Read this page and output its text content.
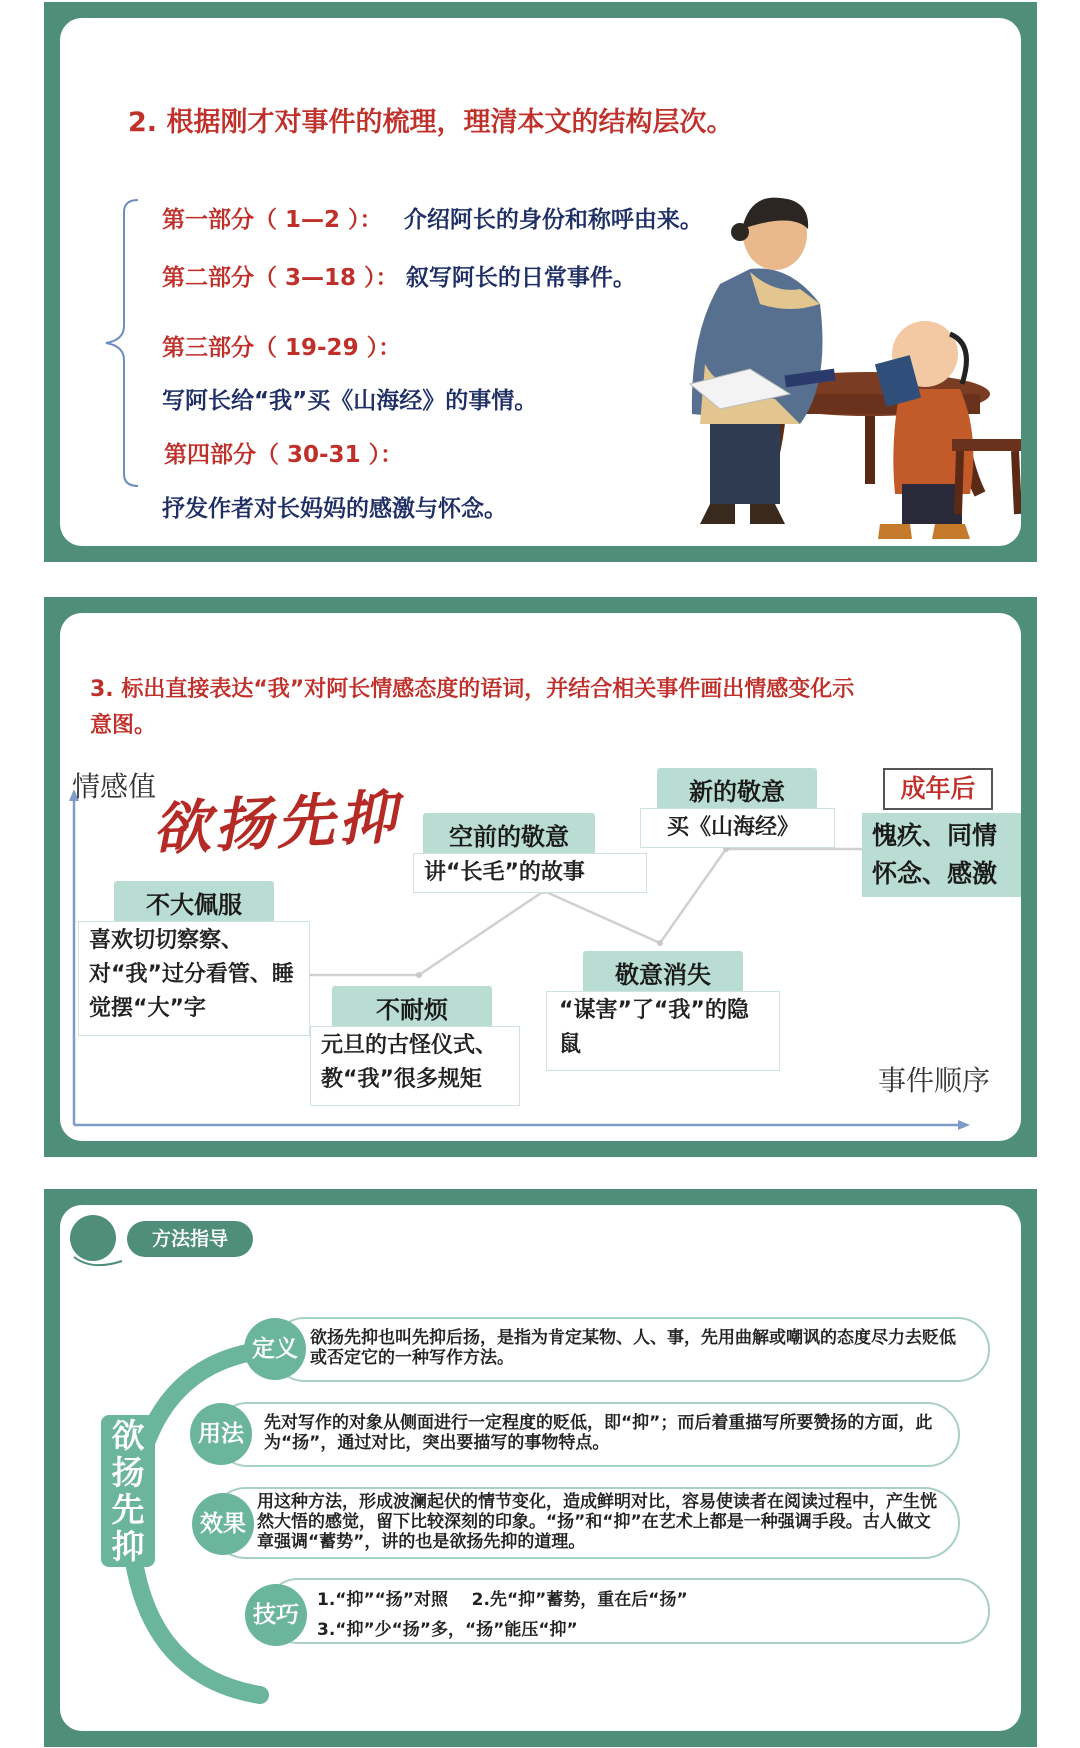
2. 根据刚才对事件的梳理，理清本文的结构层次。
第一部分（ 1—2 ）： 介绍阿长的身份和称呼由来。
第二部分（ 3—18 ）： 叙写阿长的日常事件。
第三部分（ 19-29 ）：
写阿长给“我”买《山海经》的事情。
第四部分（ 30-31 ）：
抒发作者对长妈妈的感激与怀念。
3. 标出直接表达“我”对阿长情感态度的语词，并结合相关事件画出情感变化示
意图。
情感值
事件顺序
欲扬先抑
不大佩服
喜欢切切察察、对“我”过分看管、睡觉摆“大”字	不耐烦
元旦的古怪仪式、教“我”很多规矩
空前的敬意
讲“长毛”的故事
敬意消失
“谋害”了“我”的隐鼠
新的敬意
买《山海经》
成年后
愧疚、同情怀念、感激
方法指导
欲扬先抑
定义 欲扬先抑也叫先抑后扬，是指为肯定某物、人、事，先用曲解或嘲讽的态度尽力去贬低或否定它的一种写作方法。
用法	先对写作的对象从侧面进行一定程度的贬低，即“抑”；而后着重描写所要赞扬的方面，此为“扬”，通过对比，突出要描写的事物特点。
效果
用这种方法，形成波澜起伏的情节变化，造成鲜明对比，容易使读者在阅读过程中，产生恍然大悟的感觉，留下比较深刻的印象。“扬”和“抑”在艺术上都是一种强调手段。古人做文章强调“蓄势”，讲的也是欲扬先抑的道理。
技巧
1.“抑”“扬”对照    2.先“抑”蓄势，重在后“扬”
3.“抑”少“扬”多，“扬”能压“抑”
